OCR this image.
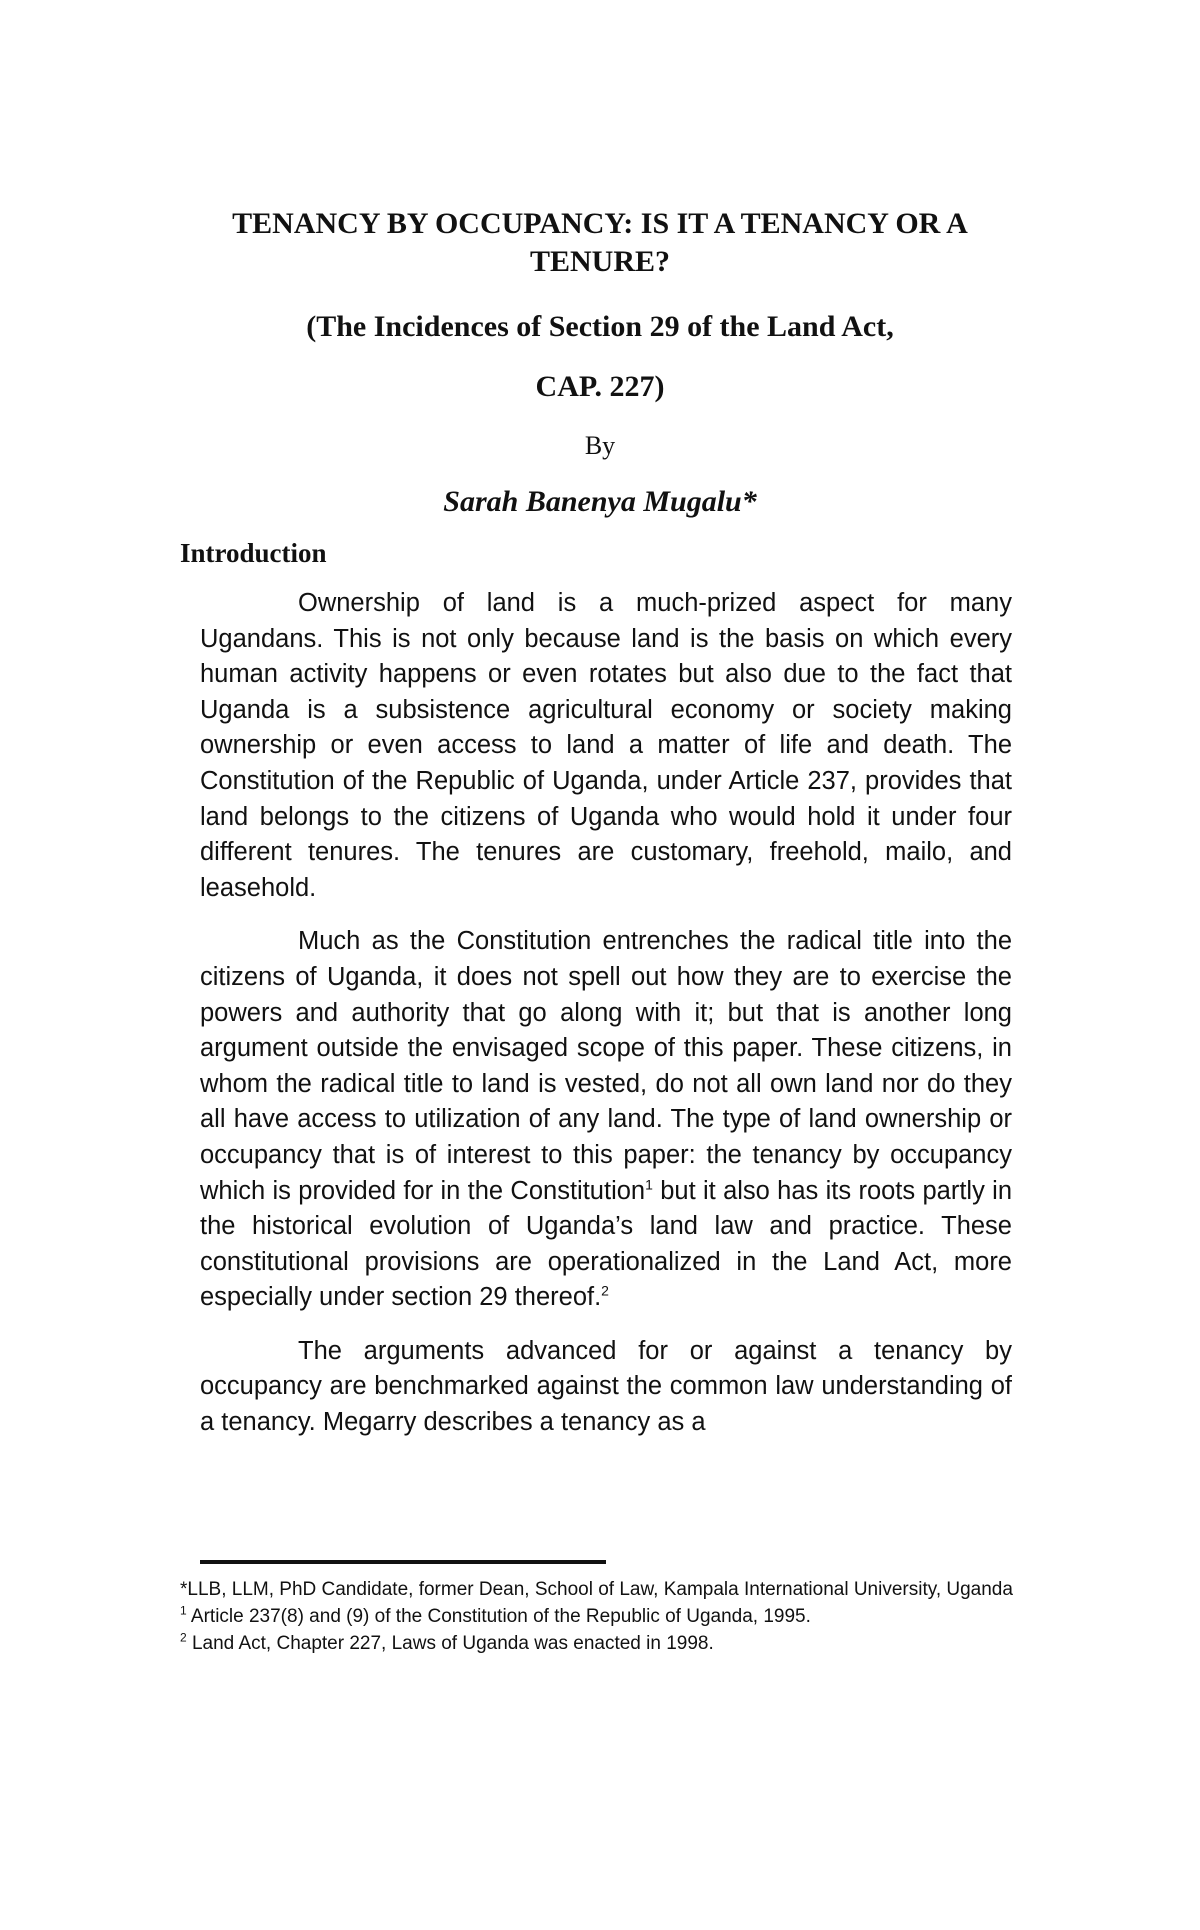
TENANCY BY OCCUPANCY: IS IT A TENANCY OR A TENURE?
(The Incidences of Section 29 of the Land Act,
CAP. 227)
By
Sarah Banenya Mugalu*
Introduction

Ownership of land is a much-prized aspect for many Ugandans. This is not only because land is the basis on which every human activity happens or even rotates but also due to the fact that Uganda is a subsistence agricultural economy or society making ownership or even access to land a matter of life and death. The Constitution of the Republic of Uganda, under Article 237, provides that land belongs to the citizens of Uganda who would hold it under four different tenures. The tenures are customary, freehold, mailo, and leasehold.

Much as the Constitution entrenches the radical title into the citizens of Uganda, it does not spell out how they are to exercise the powers and authority that go along with it; but that is another long argument outside the envisaged scope of this paper. These citizens, in whom the radical title to land is vested, do not all own land nor do they all have access to utilization of any land. The type of land ownership or occupancy that is of interest to this paper: the tenancy by occupancy which is provided for in the Constitution$^1$ but it also has its roots partly in the historical evolution of Uganda’s land law and practice. These constitutional provisions are operationalized in the Land Act, more especially under section 29 thereof.$^2$

The arguments advanced for or against a tenancy by occupancy are benchmarked against the common law understanding of a tenancy. Megarry describes a tenancy as a

*LLB, LLM, PhD Candidate, former Dean, School of Law, Kampala International University, Uganda
$^1$ Article 237(8) and (9) of the Constitution of the Republic of Uganda, 1995.
$^2$ Land Act, Chapter 227, Laws of Uganda was enacted in 1998.
